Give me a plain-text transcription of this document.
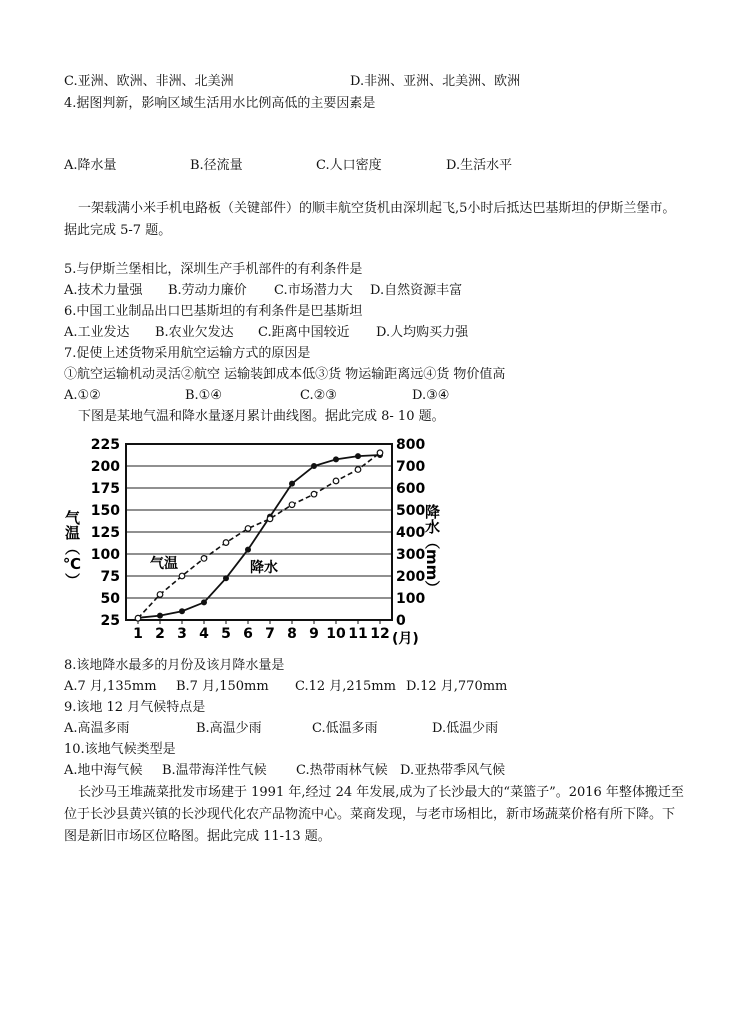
C.亚洲、欧洲、非洲、北美洲	D.非洲、亚洲、北美洲、欧洲
4.据图判新，影响区域生活用水比例高低的主要因素是
A.降水量	B.径流量	C.人口密度	D.生活水平
一架载满小米手机电路板（关键部件）的顺丰航空货机由深圳起飞,5小时后抵达巴基斯坦的伊斯兰堡市。据此完成 5-7 题。
5.与伊斯兰堡相比，深圳生产手机部件的有利条件是
A.技术力量强 B.劳动力廉价 C.市场潜力大 D.自然资源丰富
6.中国工业制品出口巴基斯坦的有利条件是巴基斯坦
A.工业发达 B.农业欠发达 C.距离中国较近 D.人均购买力强
7.促使上述货物采用航空运输方式的原因是
①航空运输机动灵活②航空 运输装卸成本低③货 物运输距离远④货 物价值高
A.①②	B.①④	C.②③	D.③④
下图是某地气温和降水量逐月累计曲线图。据此完成 8- 10 题。
25
50
75
100
125
150
175
200
225
0
100
200
300
400
500
600
700
800
1 2 3 4 5 6 7 8 9 10 11 12 (月)
气温（℃）	降水（mm）
气温	降水
8.该地降水最多的月份及该月降水量是
A.7 月,135mm B.7 月,150mm C.12 月,215mm D.12 月,770mm
9.该地 12 月气候特点是
A.高温多雨	B.高温少雨	C.低温多雨	D.低温少雨
10.该地气候类型是
A.地中海气候 B.温带海洋性气候 C.热带雨林气候 D.亚热带季风气候
长沙马王堆蔬菜批发市场建于 1991 年,经过 24 年发展,成为了长沙最大的“菜篮子”。2016 年整体搬迁至位于长沙县黄兴镇的长沙现代化农产品物流中心。菜商发现，与老市场相比，新市场蔬菜价格有所下降。下图是新旧市场区位略图。据此完成 11-13 题。
